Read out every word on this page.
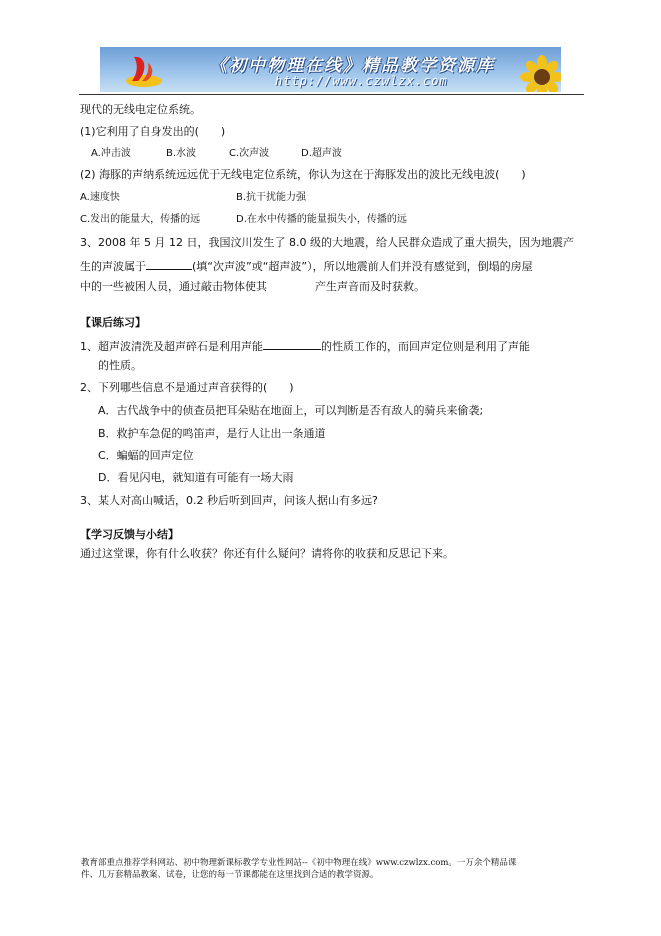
《初中物理在线》精品教学资源库
http://www.czwlzx.com
现代的无线电定位系统。
(1)它利用了自身发出的(　　)
A.冲击波	B.水波	C.次声波	D.超声波
(2) 海豚的声纳系统远远优于无线电定位系统，你认为这在于海豚发出的波比无线电波(　　)
A.速度快	B.抗干扰能力强
C.发出的能量大，传播的远	D.在水中传播的能量损失小，传播的远
3、2008 年 5 月 12 日，我国汶川发生了 8.0 级的大地震，给人民群众造成了重大损失，因为地震产
生的声波属于	(填“次声波”或“超声波”），所以地震前人们并没有感觉到，倒塌的房屋
中的一些被困人员，通过敲击物体使其	产生声音而及时获救。
【课后练习】
1、超声波清洗及超声碎石是利用声能	的性质工作的，而回声定位则是利用了声能
的性质。
2、下列哪些信息不是通过声音获得的(　　)
A．古代战争中的侦查员把耳朵贴在地面上，可以判断是否有敌人的骑兵来偷袭;
B．救护车急促的鸣笛声，是行人让出一条通道
C．蝙蝠的回声定位
D．看见闪电，就知道有可能有一场大雨
3、某人对高山喊话，0.2 秒后听到回声，问该人据山有多远?
【学习反馈与小结】
通过这堂课，你有什么收获？你还有什么疑问？请将你的收获和反思记下来。
教育部重点推荐学科网站、初中物理新课标教学专业性网站--《初中物理在线》www.czwlzx.com。一万余个精品课
件、几万套精品教案、试卷，让您的每一节课都能在这里找到合适的教学资源。
